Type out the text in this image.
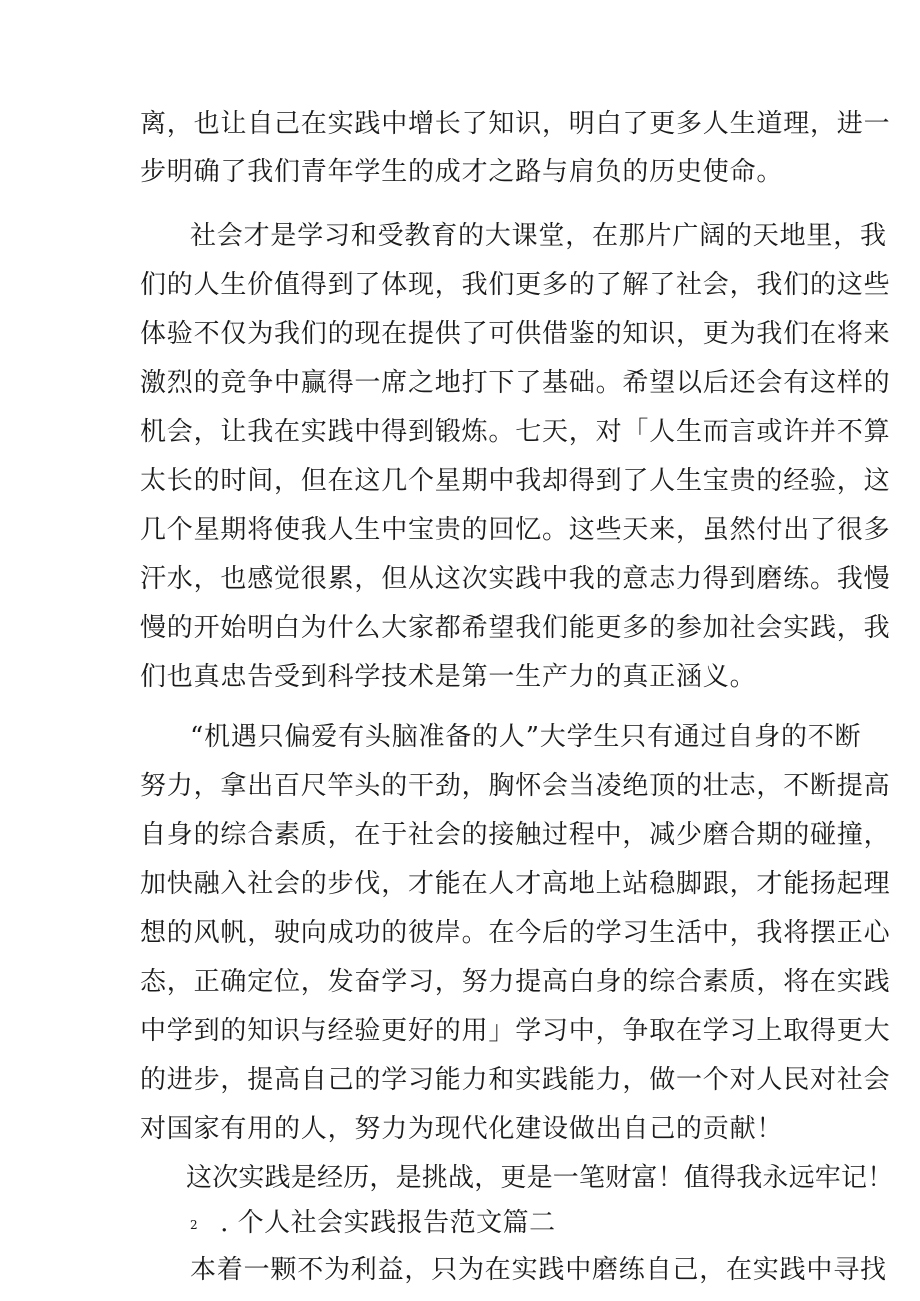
离，也让自己在实践中增长了知识，明白了更多人生道理，进一
步明确了我们青年学生的成才之路与肩负的历史使命。
社会才是学习和受教育的大课堂，在那片广阔的天地里，我
们的人生价值得到了体现，我们更多的了解了社会，我们的这些
体验不仅为我们的现在提供了可供借鉴的知识，更为我们在将来
激烈的竞争中赢得一席之地打下了基础。希望以后还会有这样的
机会，让我在实践中得到锻炼。七天，对「人生而言或许并不算
太长的时间，但在这几个星期中我却得到了人生宝贵的经验，这
几个星期将使我人生中宝贵的回忆。这些天来，虽然付出了很多
汗水，也感觉很累，但从这次实践中我的意志力得到磨练。我慢
慢的开始明白为什么大家都希望我们能更多的参加社会实践，我
们也真忠告受到科学技术是第一生产力的真正涵义。
“机遇只偏爱有头脑准备的人”大学生只有通过自身的不断
努力，拿出百尺竿头的干劲，胸怀会当凌绝顶的壮志，不断提高
自身的综合素质，在于社会的接触过程中，减少磨合期的碰撞，
加快融入社会的步伐，才能在人才高地上站稳脚跟，才能扬起理
想的风帆，驶向成功的彼岸。在今后的学习生活中，我将摆正心
态，正确定位，发奋学习，努力提高白身的综合素质，将在实践
中学到的知识与经验更好的用」学习中，争取在学习上取得更大
的进步，提高自己的学习能力和实践能力，做一个对人民对社会
对国家有用的人，努力为现代化建设做出自己的贡献！
这次实践是经历，是挑战，更是一笔财富！值得我永远牢记！
2 . 个人社会实践报告范文篇二
本着一颗不为利益，只为在实践中磨练自己，在实践中寻找
